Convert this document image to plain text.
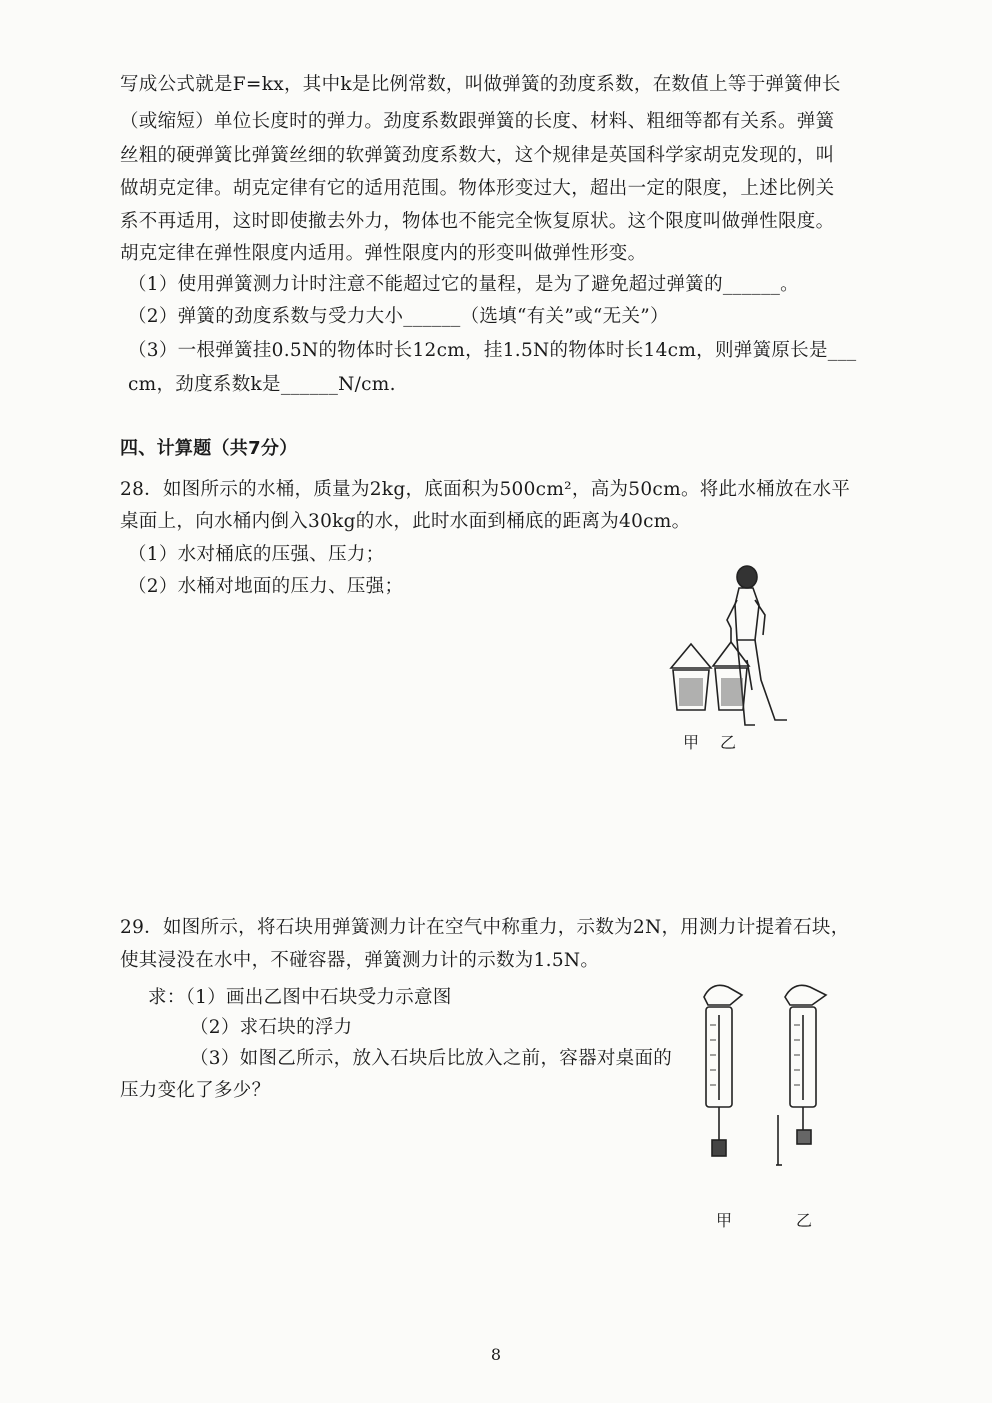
写成公式就是F=kx，其中k是比例常数，叫做弹簧的劲度系数，在数值上等于弹簧伸长
（或缩短）单位长度时的弹力。劲度系数跟弹簧的长度、材料、粗细等都有关系。弹簧
丝粗的硬弹簧比弹簧丝细的软弹簧劲度系数大，这个规律是英国科学家胡克发现的，叫
做胡克定律。胡克定律有它的适用范围。物体形变过大，超出一定的限度，上述比例关
系不再适用，这时即使撤去外力，物体也不能完全恢复原状。这个限度叫做弹性限度。
胡克定律在弹性限度内适用。弹性限度内的形变叫做弹性形变。
（1）使用弹簧测力计时注意不能超过它的量程，是为了避免超过弹簧的______。
（2）弹簧的劲度系数与受力大小______（选填“有关”或“无关”）
（3）一根弹簧挂0.5N的物体时长12cm，挂1.5N的物体时长14cm，则弹簧原长是___
cm，劲度系数k是______N/cm.
四、计算题（共7分）
28．如图所示的水桶，质量为2kg，底面积为500cm²，高为50cm。将此水桶放在水平
桌面上，向水桶内倒入30kg的水，此时水面到桶底的距离为40cm。
（1）水对桶底的压强、压力；
（2）水桶对地面的压力、压强；
甲 乙
29．如图所示，将石块用弹簧测力计在空气中称重力，示数为2N，用测力计提着石块，
使其浸没在水中，不碰容器，弹簧测力计的示数为1.5N。
求：（1）画出乙图中石块受力示意图
（2）求石块的浮力
（3）如图乙所示，放入石块后比放入之前，容器对桌面的
压力变化了多少？
甲	乙
8
